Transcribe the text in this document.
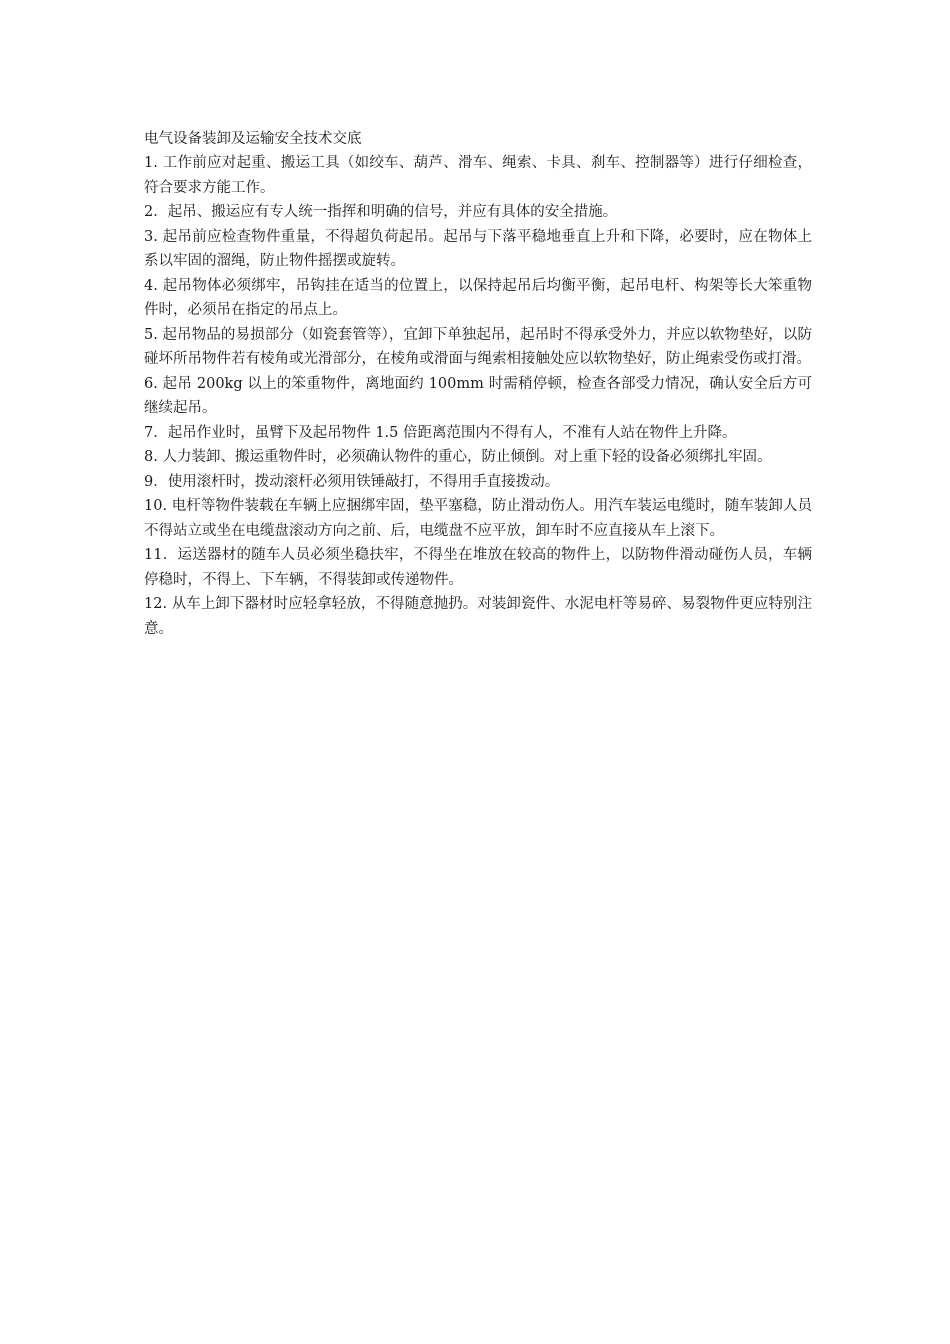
电气设备装卸及运输安全技术交底

1. 工作前应对起重、搬运工具（如绞车、葫芦、滑车、绳索、卡具、刹车、控制器等）进行仔细检查，符合要求方能工作。

2．起吊、搬运应有专人统一指挥和明确的信号，并应有具体的安全措施。

3. 起吊前应检查物件重量，不得超负荷起吊。起吊与下落平稳地垂直上升和下降，必要时，应在物体上系以牢固的溜绳，防止物件摇摆或旋转。

4. 起吊物体必须绑牢，吊钩挂在适当的位置上，以保持起吊后均衡平衡，起吊电杆、构架等长大笨重物件时，必须吊在指定的吊点上。

5. 起吊物品的易损部分（如瓷套管等），宜卸下单独起吊，起吊时不得承受外力，并应以软物垫好，以防碰坏所吊物件若有棱角或光滑部分，在棱角或滑面与绳索相接触处应以软物垫好，防止绳索受伤或打滑。

6. 起吊 200kg 以上的笨重物件，离地面约 100mm 时需稍停顿，检查各部受力情况，确认安全后方可继续起吊。

7．起吊作业时，虽臂下及起吊物件 1.5 倍距离范围内不得有人，不准有人站在物件上升降。

8. 人力装卸、搬运重物件时，必须确认物件的重心，防止倾倒。对上重下轻的设备必须绑扎牢固。

9．使用滚杆时，拨动滚杆必须用铁锤敲打，不得用手直接拨动。

10. 电杆等物件装载在车辆上应捆绑牢固，垫平塞稳，防止滑动伤人。用汽车装运电缆时，随车装卸人员不得站立或坐在电缆盘滚动方向之前、后，电缆盘不应平放，卸车时不应直接从车上滚下。

11．运送器材的随车人员必须坐稳扶牢，不得坐在堆放在较高的物件上，以防物件滑动碰伤人员，车辆停稳时，不得上、下车辆，不得装卸或传递物件。

12. 从车上卸下器材时应轻拿轻放，不得随意抛扔。对装卸瓷件、水泥电杆等易碎、易裂物件更应特别注意。
